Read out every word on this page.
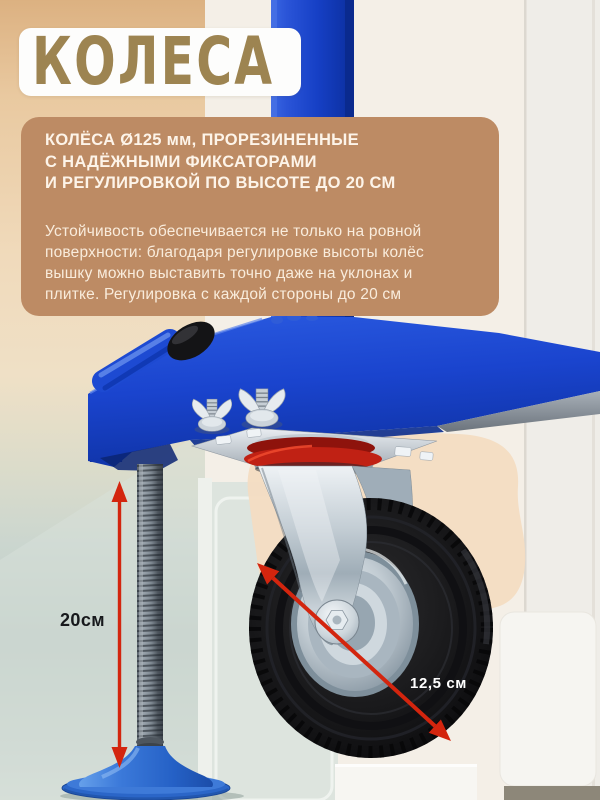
КОЛЕСА
КОЛЁСА Ø125 мм, ПРОРЕЗИНЕННЫЕ
С НАДЁЖНЫМИ ФИКСАТОРАМИ
И РЕГУЛИРОВКОЙ ПО ВЫСОТЕ ДО 20 СМ
Устойчивость обеспечивается не только на ровной
поверхности: благодаря регулировке высоты колёс
вышку можно выставить точно даже на уклонах и
плитке. Регулировка с каждой стороны до 20 см
20см
12,5 см
